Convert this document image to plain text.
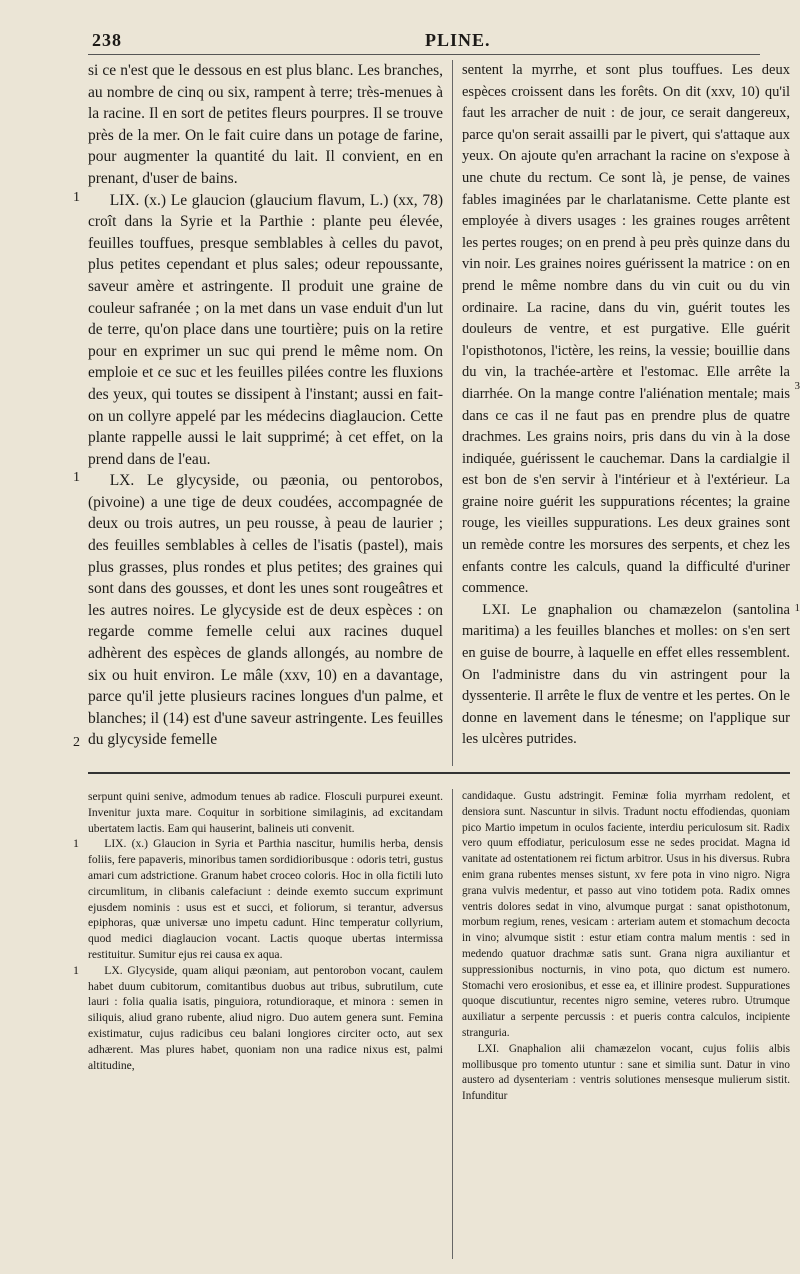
238	PLINE.

si ce n'est que le dessous en est plus blanc. Les branches, au nombre de cinq ou six, rampent à terre; très-menues à la racine. Il en sort de petites fleurs pourpres. Il se trouve près de la mer. On le fait cuire dans un potage de farine, pour augmenter la quantité du lait. Il convient, en en prenant, d'user de bains.

1	LIX. (x.) Le glaucion (glaucium flavum, L.) (xx, 78) croît dans la Syrie et la Parthie : plante peu élevée, feuilles touffues, presque semblables à celles du pavot, plus petites cependant et plus sales; odeur repoussante, saveur amère et astringente. Il produit une graine de couleur safranée ; on la met dans un vase enduit d'un lut de terre, qu'on place dans une tourtière; puis on la retire pour en exprimer un suc qui prend le même nom. On emploie et ce suc et les feuilles pilées contre les fluxions des yeux, qui toutes se dissipent à l'instant; aussi en fait-on un collyre appelé par les médecins diaglaucion. Cette plante rappelle aussi le lait supprimé; à cet effet, on la prend dans de l'eau.

1
2

LX. Le glycyside, ou pæonia, ou pentorobos, (pivoine) a une tige de deux coudées, accompagnée de deux ou trois autres, un peu rousse, à peau de laurier ; des feuilles semblables à celles de l'isatis (pastel), mais plus grasses, plus rondes et plus petites; des graines qui sont dans des gousses, et dont les unes sont rougeâtres et les autres noires. Le glycyside est de deux espèces : on regarde comme femelle celui aux racines duquel adhèrent des espèces de glands allongés, au nombre de six ou huit environ. Le mâle (xxv, 10) en a davantage, parce qu'il jette plusieurs racines longues d'un palme, et blanches; il (14) est d'une saveur astringente. Les feuilles du glycyside femelle

3

sentent la myrrhe, et sont plus touffues. Les deux espèces croissent dans les forêts. On dit (xxv, 10) qu'il faut les arracher de nuit : de jour, ce serait dangereux, parce qu'on serait assailli par le pivert, qui s'attaque aux yeux. On ajoute qu'en arrachant la racine on s'expose à une chute du rectum. Ce sont là, je pense, de vaines fables imaginées par le charlatanisme. Cette plante est employée à divers usages : les graines rouges arrêtent les pertes rouges; on en prend à peu près quinze dans du vin noir. Les graines noires guérissent la matrice : on en prend le même nombre dans du vin cuit ou du vin ordinaire. La racine, dans du vin, guérit toutes les douleurs de ventre, et est purgative. Elle guérit l'opisthotonos, l'ictère, les reins, la vessie; bouillie dans du vin, la trachée-artère et l'estomac. Elle arrête la diarrhée. On la mange contre l'aliénation mentale; mais dans ce cas il ne faut pas en prendre plus de quatre drachmes. Les grains noirs, pris dans du vin à la dose indiquée, guérissent le cauchemar. Dans la cardialgie il est bon de s'en servir à l'intérieur et à l'extérieur. La graine noire guérit les suppurations récentes; la graine rouge, les vieilles suppurations. Les deux graines sont un remède contre les morsures des serpents, et chez les enfants contre les calculs, quand la difficulté d'uriner commence.

1

LXI. Le gnaphalion ou chamæzelon (santolina maritima) a les feuilles blanches et molles: on s'en sert en guise de bourre, à laquelle en effet elles ressemblent. On l'administre dans du vin astringent pour la dyssenterie. Il arrête le flux de ventre et les pertes. On le donne en lavement dans le ténesme; on l'applique sur les ulcères putrides.

serpunt quini senive, admodum tenues ab radice. Flosculi purpurei exeunt. Invenitur juxta mare. Coquitur in sorbitione similaginis, ad excitandam ubertatem lactis. Eam qui hauserint, balineis uti convenit.

1	LIX. (x.) Glaucion in Syria et Parthia nascitur, humilis herba, densis foliis, fere papaveris, minoribus tamen sordidioribusque : odoris tetri, gustus amari cum adstrictione. Granum habet croceo coloris. Hoc in olla fictili luto circumlitum, in clibanis calefaciunt : deinde exemto succum exprimunt ejusdem nominis : usus est et succi, et foliorum, si terantur, adversus epiphoras, quæ universæ uno impetu cadunt. Hinc temperatur collyrium, quod medici diaglaucion vocant. Lactis quoque ubertas intermissa restituitur. Sumitur ejus rei causa ex aqua.

1	LX. Glycyside, quam aliqui pæoniam, aut pentorobon vocant, caulem habet duum cubitorum, comitantibus duobus aut tribus, subrutilum, cute lauri : folia qualia isatis, pinguiora, rotundioraque, et minora : semen in siliquis, aliud grano rubente, aliud nigro. Duo autem genera sunt. Femina existimatur, cujus radicibus ceu balani longiores circiter octo, aut sex adhærent. Mas plures habet, quoniam non una radice nixus est, palmi altitudine,

candidaque. Gustu adstringit. Feminæ folia myrrham redolent, et densiora sunt. Nascuntur in silvis. Tradunt noctu effodiendas, quoniam pico Martio impetum in oculos faciente, interdiu periculosum sit. Radix vero quum effodiatur, periculosum esse ne sedes procidat. Magna id vanitate ad ostentationem rei fictum arbitror. Usus in his diversus. Rubra enim grana rubentes menses sistunt, xv fere pota in vino nigro. Nigra grana vulvis medentur, et passo aut vino totidem pota. Radix omnes ventris dolores sedat in vino, alvumque purgat : sanat opisthotonum, morbum regium, renes, vesicam : arteriam autem et stomachum decocta in vino; alvumque sistit : estur etiam contra malum mentis : sed in medendo quatuor drachmæ satis sunt. Grana nigra auxiliantur et suppressionibus nocturnis, in vino pota, quo dictum est numero. Stomachi vero erosionibus, et esse ea, et illinire prodest. Suppurationes quoque discutiuntur, recentes nigro semine, veteres rubro. Utrumque auxiliatur a serpente percussis : et pueris contra calculos, incipiente stranguria.

LXI. Gnaphalion alii chamæzelon vocant, cujus foliis albis mollibusque pro tomento utuntur : sane et similia sunt. Datur in vino austero ad dysenteriam : ventris solutiones mensesque mulierum sistit. Infunditur
